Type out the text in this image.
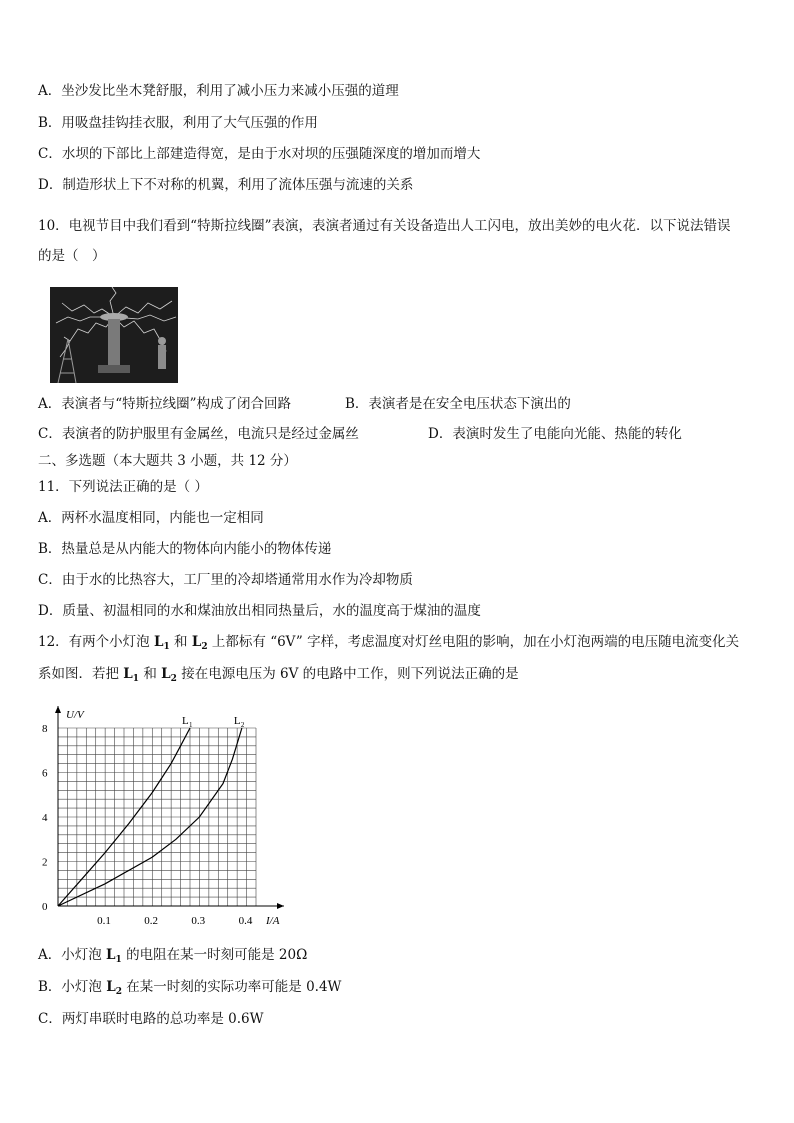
A．坐沙发比坐木凳舒服，利用了减小压力来减小压强的道理
B．用吸盘挂钩挂衣服，利用了大气压强的作用
C．水坝的下部比上部建造得宽，是由于水对坝的压强随深度的增加而增大
D．制造形状上下不对称的机翼，利用了流体压强与流速的关系
10．电视节目中我们看到“特斯拉线圈”表演，表演者通过有关设备造出人工闪电，放出美妙的电火花．以下说法错误
的是（　）
A．表演者与“特斯拉线圈”构成了闭合回路	B．表演者是在安全电压状态下演出的
C．表演者的防护服里有金属丝，电流只是经过金属丝	D．表演时发生了电能向光能、热能的转化
二、多选题（本大题共 3 小题，共 12 分）
11．下列说法正确的是（ ）
A．两杯水温度相同，内能也一定相同
B．热量总是从内能大的物体向内能小的物体传递
C．由于水的比热容大，工厂里的冷却塔通常用水作为冷却物质
D．质量、初温相同的水和煤油放出相同热量后，水的温度高于煤油的温度
12．有两个小灯泡 $L_1$ 和 $L_2$ 上都标有 “6V” 字样，考虑温度对灯丝电阻的影响，加在小灯泡两端的电压随电流变化关
系如图．若把 $L_1$ 和 $L_2$ 接在电源电压为 6V 的电路中工作，则下列说法正确的是
0
2
4
6
8
0.1	0.2	0.3	0.4
U/V
I/A
L 1	L 2
A．小灯泡 $L_1$ 的电阻在某一时刻可能是 20Ω
B．小灯泡 $L_2$ 在某一时刻的实际功率可能是 0.4W
C．两灯串联时电路的总功率是 0.6W
